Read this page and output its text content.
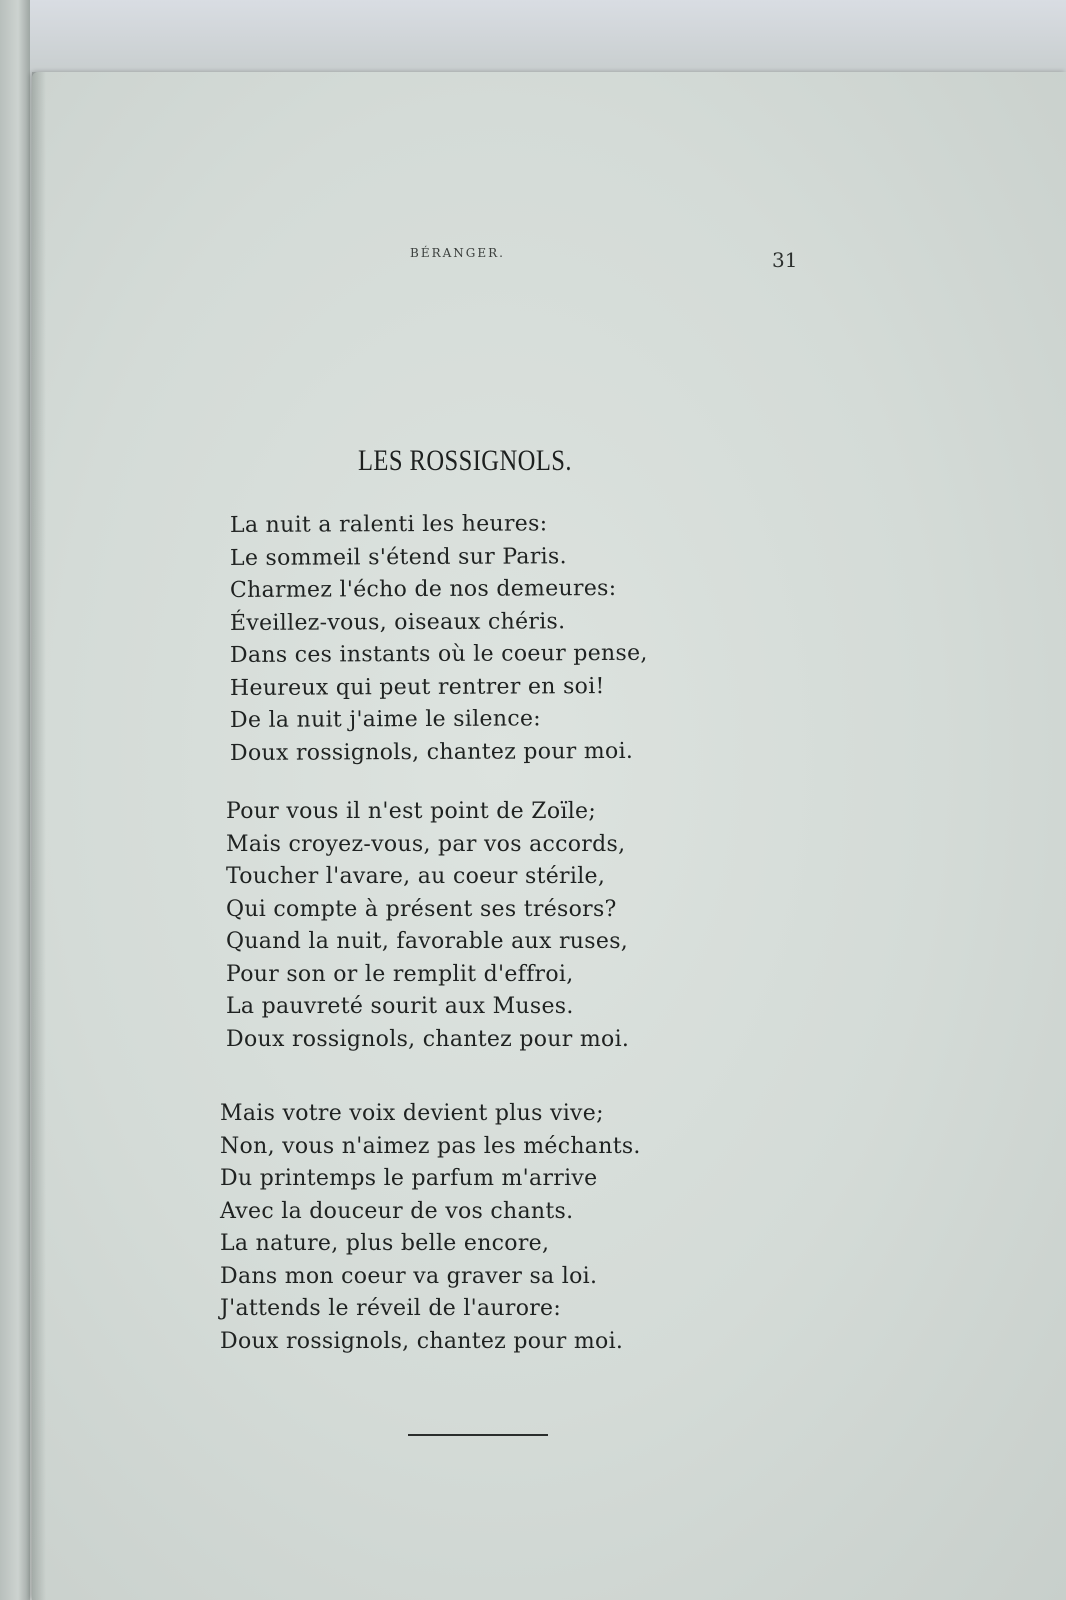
BÉRANGER.	31
LES ROSSIGNOLS.
La nuit a ralenti les heures:
Le sommeil s'étend sur Paris.
Charmez l'écho de nos demeures:
Éveillez-vous, oiseaux chéris.
Dans ces instants où le coeur pense,
Heureux qui peut rentrer en soi!
De la nuit j'aime le silence:
Doux rossignols, chantez pour moi.
Pour vous il n'est point de Zoïle;
Mais croyez-vous, par vos accords,
Toucher l'avare, au coeur stérile,
Qui compte à présent ses trésors?
Quand la nuit, favorable aux ruses,
Pour son or le remplit d'effroi,
La pauvreté sourit aux Muses.
Doux rossignols, chantez pour moi.
Mais votre voix devient plus vive;
Non, vous n'aimez pas les méchants.
Du printemps le parfum m'arrive
Avec la douceur de vos chants.
La nature, plus belle encore,
Dans mon coeur va graver sa loi.
J'attends le réveil de l'aurore:
Doux rossignols, chantez pour moi.
